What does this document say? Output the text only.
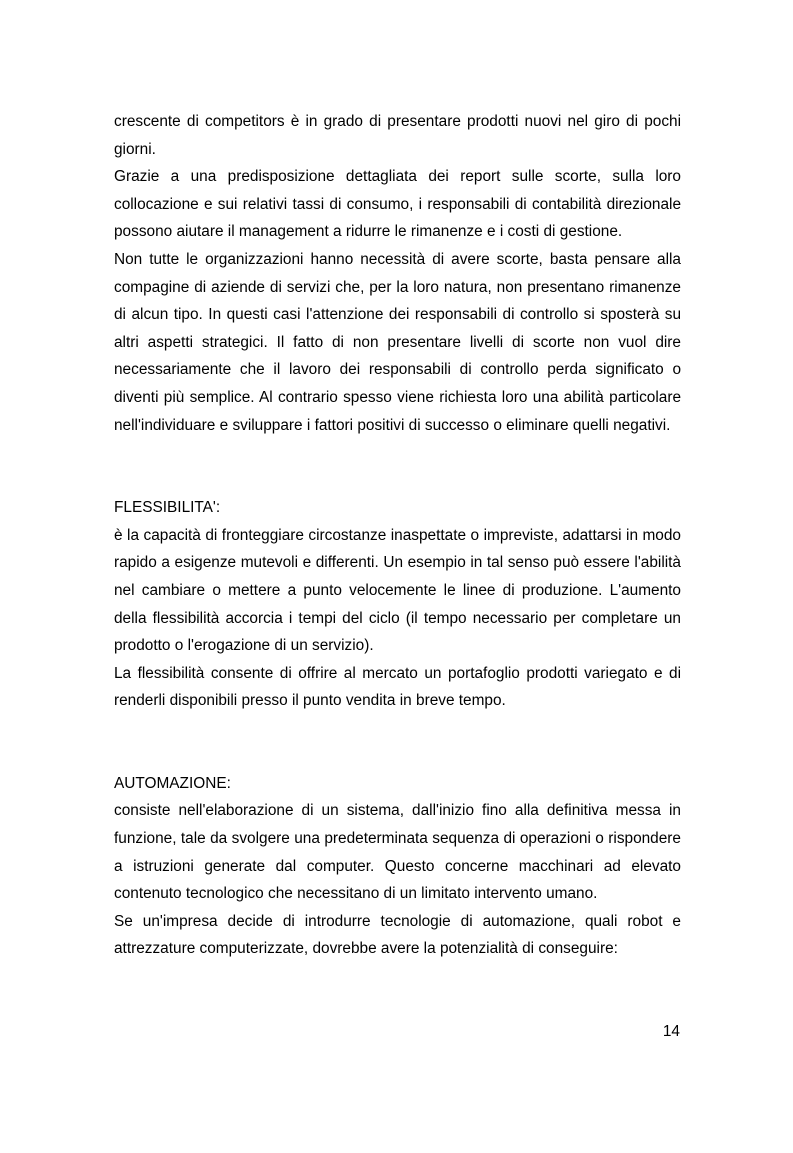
crescente di competitors è in grado di presentare prodotti nuovi nel giro di pochi giorni.

Grazie a una predisposizione dettagliata dei report sulle scorte, sulla loro collocazione e sui relativi tassi di consumo, i responsabili di contabilità direzionale possono aiutare il management a ridurre le rimanenze e i costi di gestione.

Non tutte le organizzazioni hanno necessità di avere scorte, basta pensare alla compagine di aziende di servizi che, per la loro natura, non presentano rimanenze di alcun tipo. In questi casi l'attenzione dei responsabili di controllo si sposterà su altri aspetti strategici. Il fatto di non presentare livelli di scorte non vuol dire necessariamente che il lavoro dei responsabili di controllo perda significato o diventi più semplice. Al contrario spesso viene richiesta loro una abilità particolare nell'individuare e sviluppare i fattori positivi di successo o eliminare quelli negativi.

FLESSIBILITA':

è la capacità di fronteggiare circostanze inaspettate o impreviste, adattarsi in modo rapido a esigenze mutevoli e differenti. Un esempio in tal senso può essere l'abilità nel cambiare o mettere a punto velocemente le linee di produzione. L'aumento della flessibilità accorcia i tempi del ciclo (il tempo necessario per completare un prodotto o l'erogazione di un servizio).

La flessibilità consente di offrire al mercato un portafoglio prodotti variegato e di renderli disponibili presso il punto vendita in breve tempo.

AUTOMAZIONE:

consiste nell'elaborazione di un sistema, dall'inizio fino alla definitiva messa in funzione, tale da svolgere una predeterminata sequenza di operazioni o rispondere a istruzioni generate dal computer. Questo concerne macchinari ad elevato contenuto tecnologico che necessitano di un limitato intervento umano.

Se un'impresa decide di introdurre tecnologie di automazione, quali robot e attrezzature computerizzate, dovrebbe avere la potenzialità di conseguire:

14
